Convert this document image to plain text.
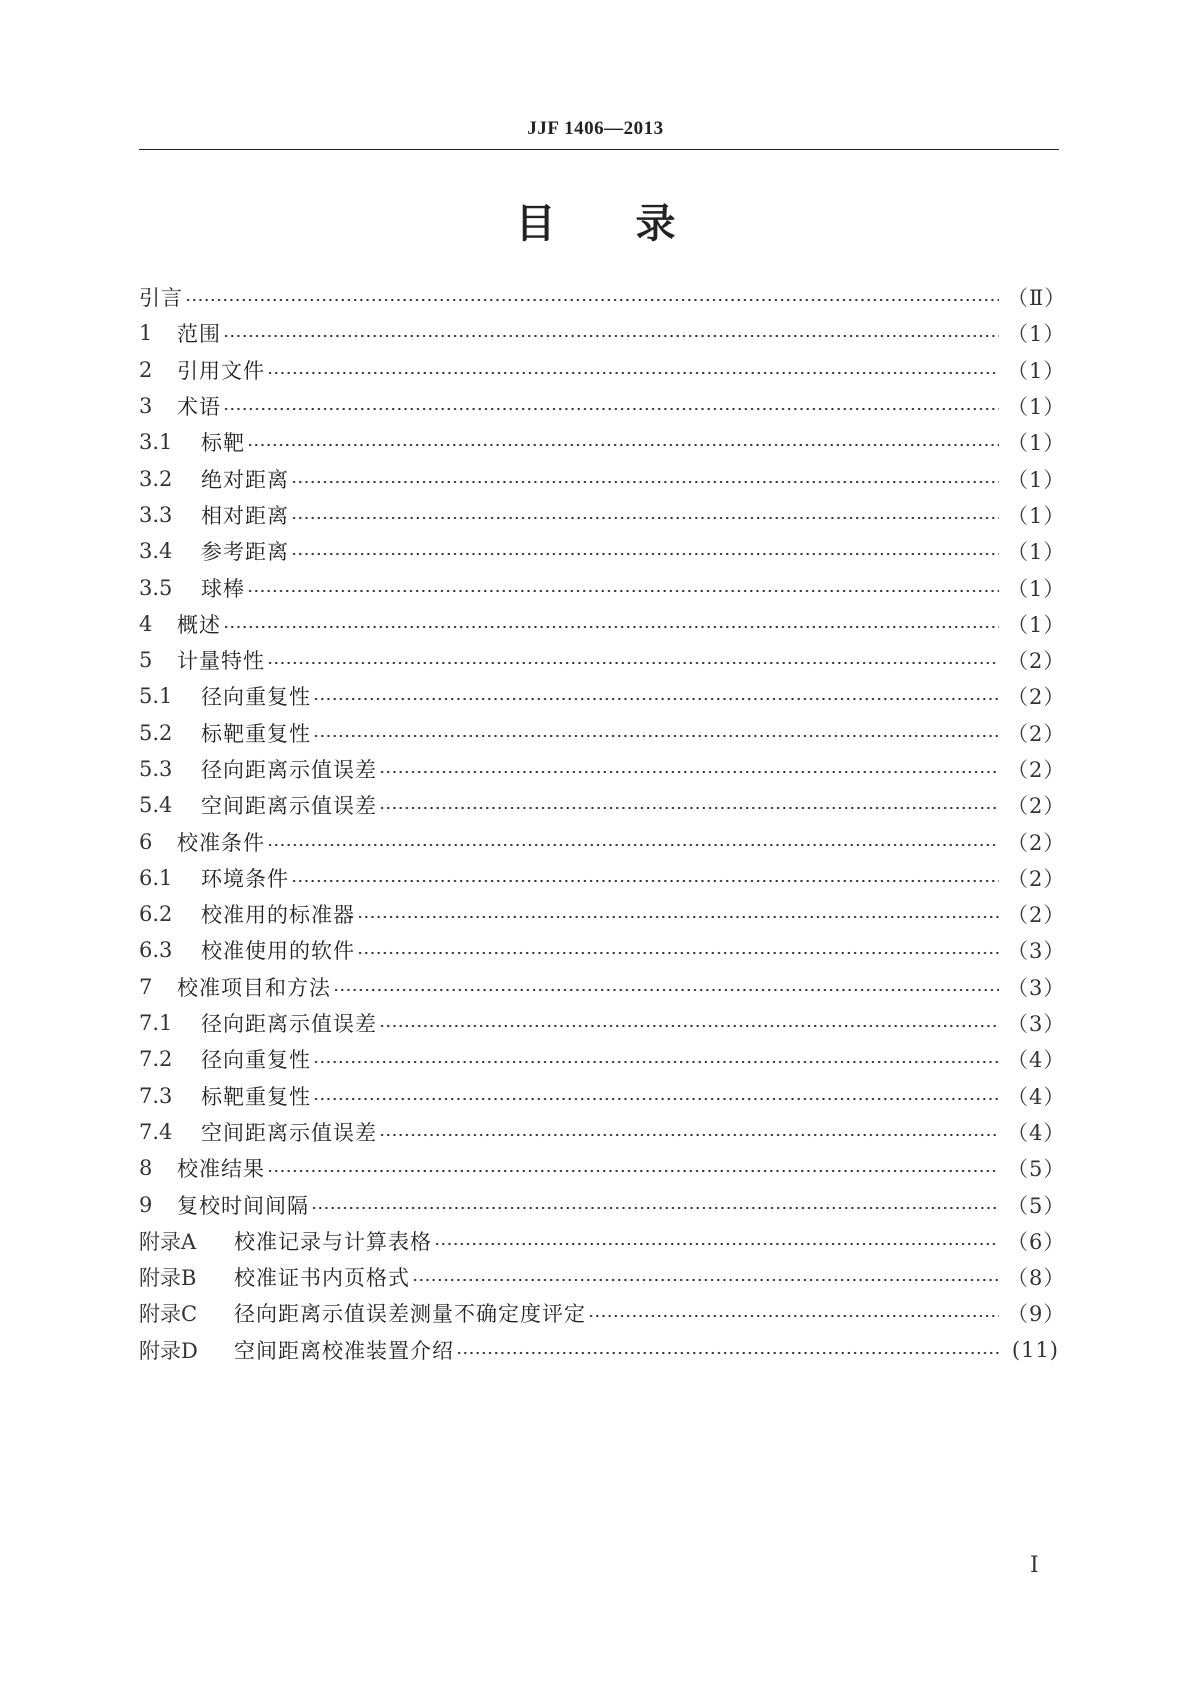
JJF 1406—2013
目录
引言	（Ⅱ）
1	范围	（1）
2	引用文件	（1）
3	术语	（1）
3.1	标靶	（1）
3.2	绝对距离	（1）
3.3	相对距离	（1）
3.4	参考距离	（1）
3.5	球棒	（1）
4	概述	（1）
5	计量特性	（2）
5.1	径向重复性	（2）
5.2	标靶重复性	（2）
5.3	径向距离示值误差	（2）
5.4	空间距离示值误差	（2）
6	校准条件	（2）
6.1	环境条件	（2）
6.2	校准用的标准器	（2）
6.3	校准使用的软件	（3）
7	校准项目和方法	（3）
7.1	径向距离示值误差	（3）
7.2	径向重复性	（4）
7.3	标靶重复性	（4）
7.4	空间距离示值误差	（4）
8	校准结果	（5）
9	复校时间间隔	（5）
附录A	校准记录与计算表格	（6）
附录B	校准证书内页格式	（8）
附录C	径向距离示值误差测量不确定度评定	（9）
附录D	空间距离校准装置介绍	(11)
Ⅰ
